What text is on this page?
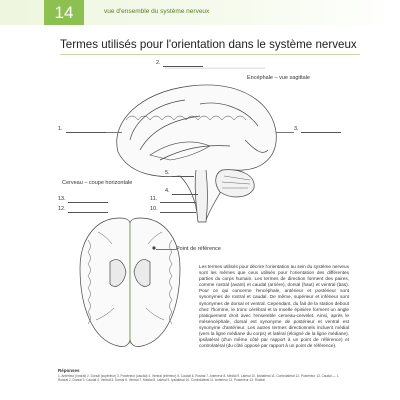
14	vue d'ensemble du système nerveux
Termes utilisés pour l'orientation dans le système nerveux
Encéphale – vue sagittale
1.
2.
3.
4.
5.
Cerveau – coupe horizontale
13.
12.
11.
10.
Point de référence
Les termes utilisés pour décrire l'orientation au sein du système nerveux sont les mêmes que ceux utilisés pour l'orientation des différentes parties du corps humain. Les termes de direction forment des paires, comme rostral (avant) et caudal (arrière), dorsal (haut) et ventral (bas). Pour ce qui concerne l'encéphale, antérieur et postérieur sont synonymes de rostral et caudal. De même, supérieur et inférieur sont synonymes de dorsal et ventral. Cependant, du fait de la station debout chez l'homme, le tronc cérébral et la moelle épinière forment un angle pratiquement droit avec l'ensemble cerveau-cervelet. Ainsi, après le mésencéphale, dorsal est synonyme de postérieur et ventral est synonyme d'antérieur. Les autres termes directionnels incluent médial (vers la ligne médiane du corps) et latéral (éloigné de la ligne médiane), ipsilatéral (d'un même côté par rapport à un point de référence) et controlatéral (du côté opposé par rapport à un point de référence).
Réponses
1. Antérieur (rostral) 2. Dorsal (supérieur) 3. Postérieur (caudal) 4. Ventral (inférieur) 5. Caudal 6. Rostral 7. Antérieur 8. Médial 9. Latéral 10. Ipsilatéral 11. Controlatéral 12. Postérieur 13. Caudal — 1. Rostral 2. Dorsal 3. Caudal 4. Ventral 5. Dorsal 6. Ventral 7. Médial 8. Latéral 9. Ipsilatéral 10. Controlatéral 11. Antérieur 12. Postérieur 13. Rostral
